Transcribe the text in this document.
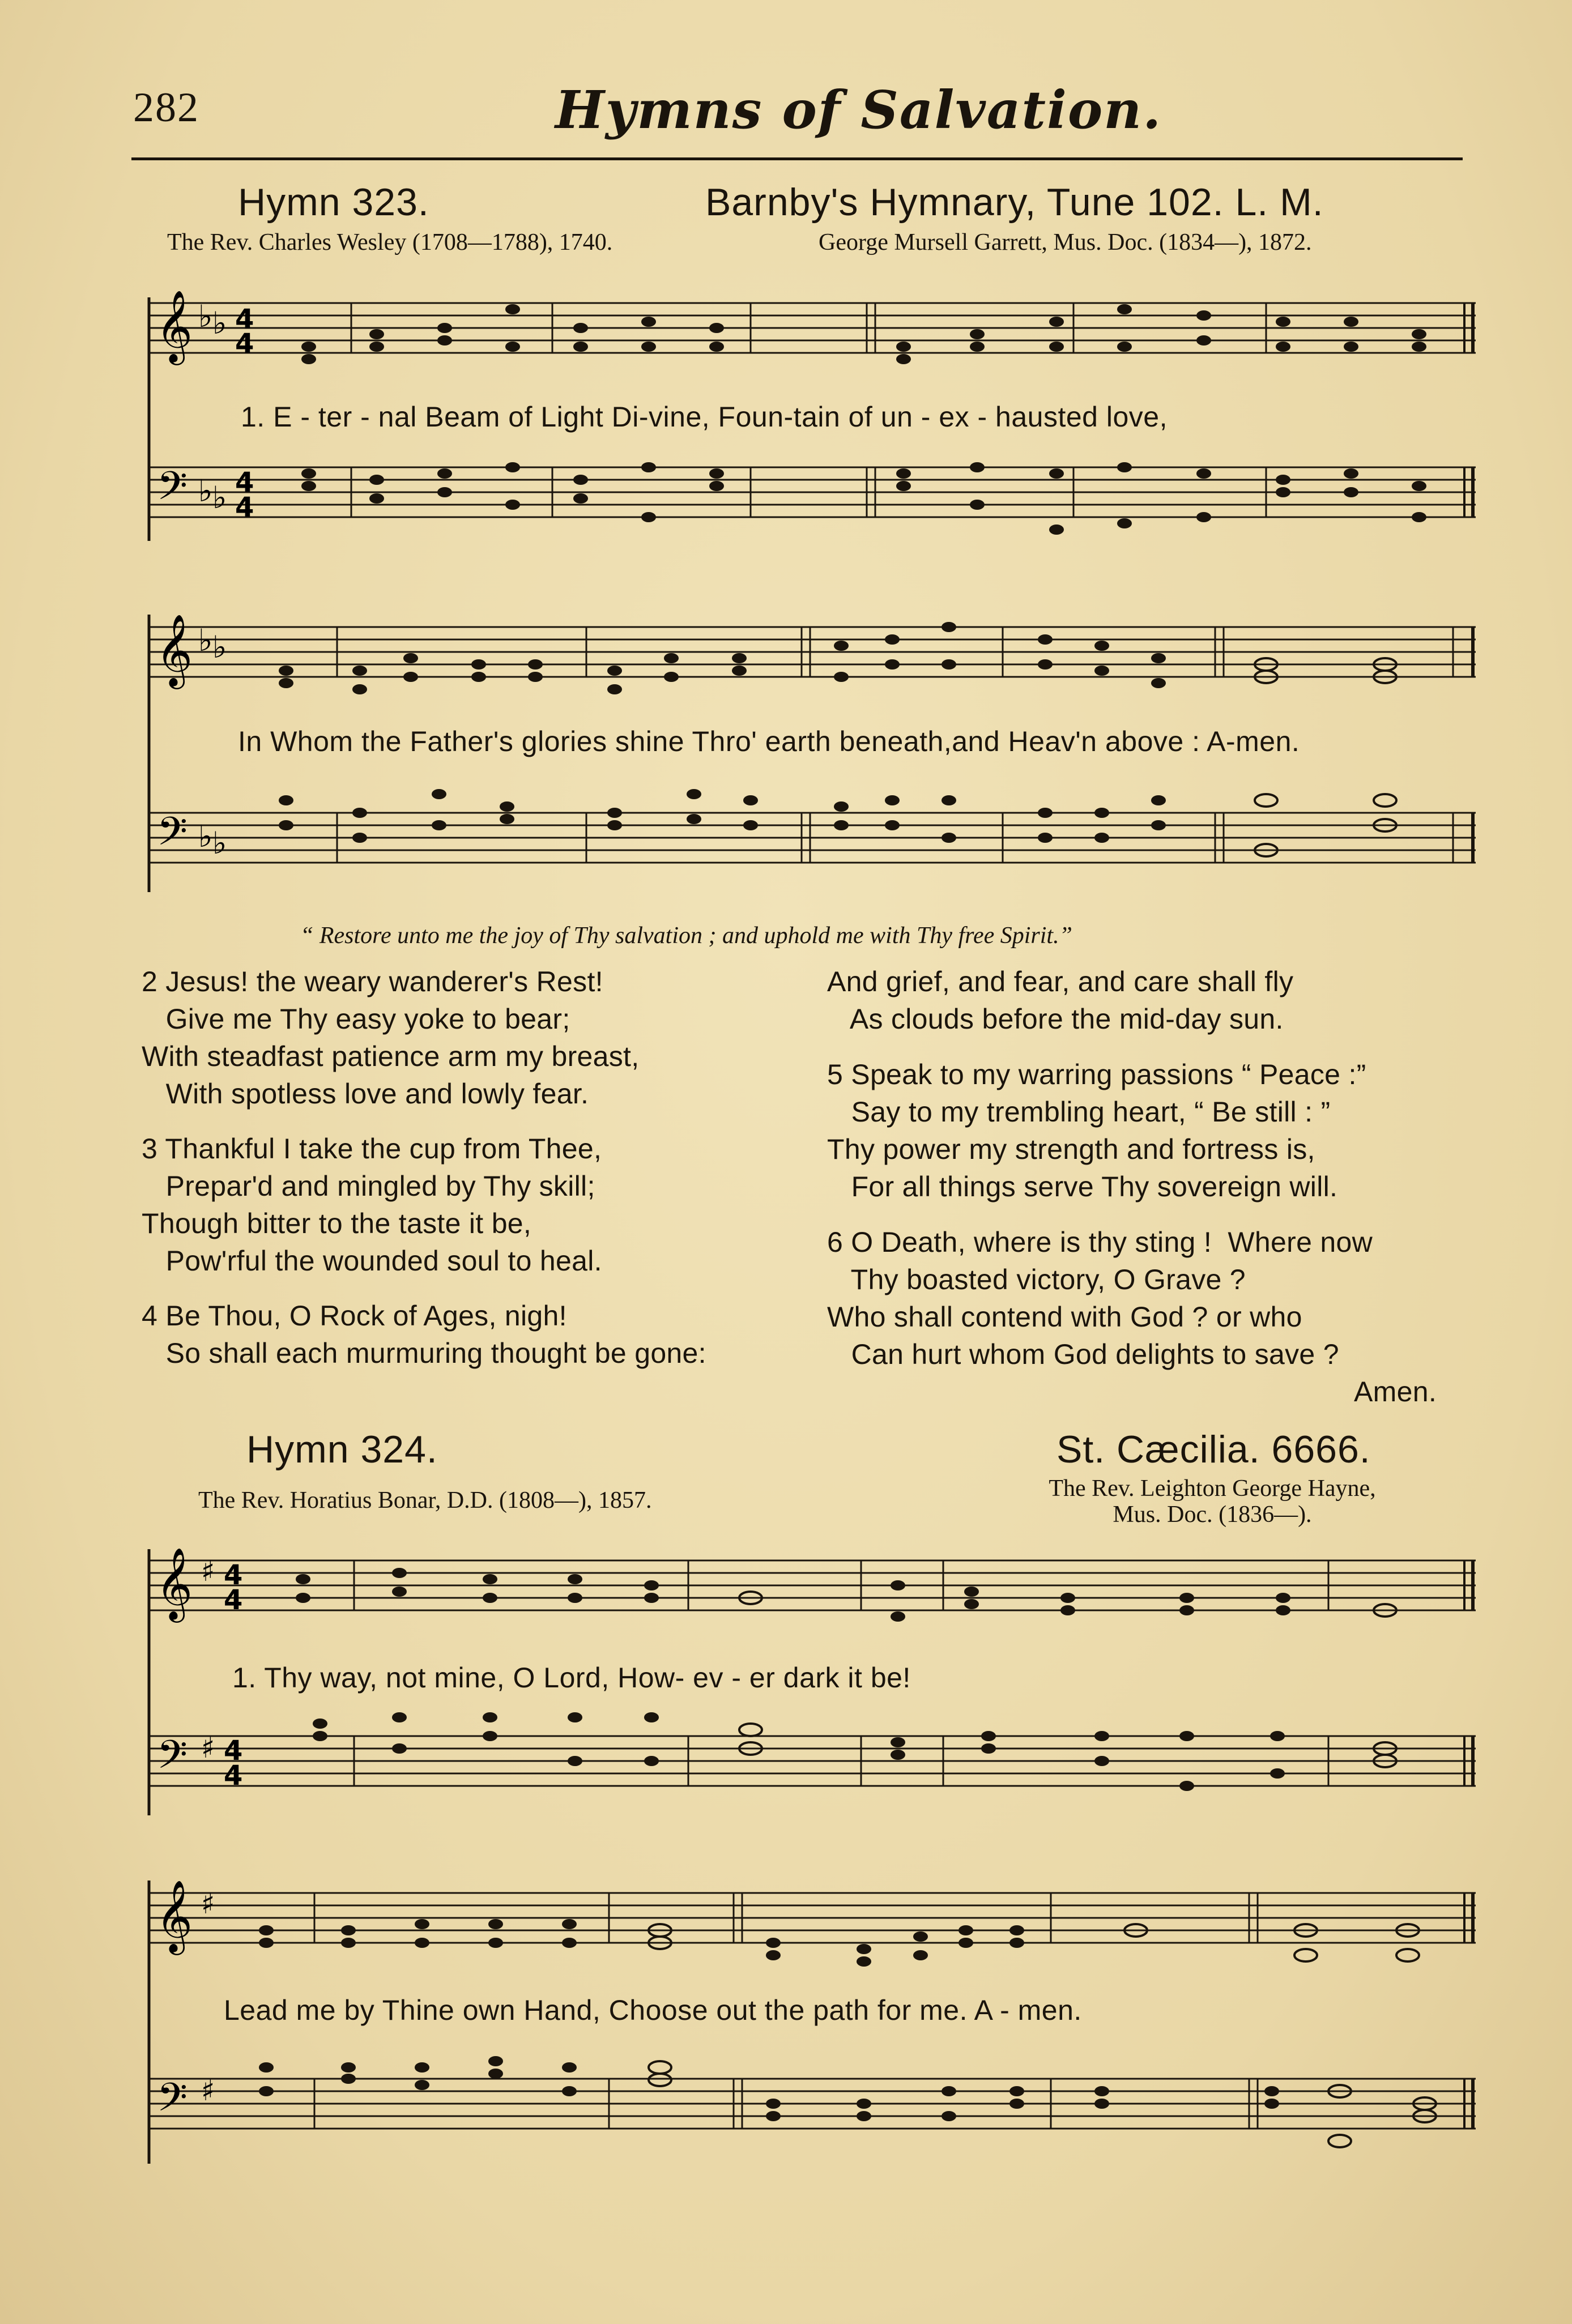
282	Hymns of Salvation.
Hymn 323.	Barnby's Hymnary, Tune 102. L. M.
The Rev. Charles Wesley (1708—1788), 1740.	George Mursell Garrett, Mus. Doc. (1834—), 1872.
𝄞
𝄢
♭ ♭
♭ ♭
4
4
4
4
1. E - ter - nal Beam of Light Di-vine, Foun-tain of un - ex - hausted love,
𝄞
𝄢
♭ ♭
♭ ♭
In Whom the Father's glories shine Thro' earth beneath,and Heav'n above : A-men.
“ Restore unto me the joy of Thy salvation ; and uphold me with Thy free Spirit.”
2 Jesus! the weary wanderer's Rest!
Give me Thy easy yoke to bear;
With steadfast patience arm my breast,
With spotless love and lowly fear.
3 Thankful I take the cup from Thee,
Prepar'd and mingled by Thy skill;
Though bitter to the taste it be,
Pow'rful the wounded soul to heal.
4 Be Thou, O Rock of Ages, nigh!
So shall each murmuring thought be gone:
And grief, and fear, and care shall fly
As clouds before the mid-day sun.
5 Speak to my warring passions “ Peace :”
Say to my trembling heart, “ Be still : ”
Thy power my strength and fortress is,
For all things serve Thy sovereign will.
6 O Death, where is thy sting !  Where now
Thy boasted victory, O Grave ?
Who shall contend with God ? or who
Can hurt whom God delights to save ?
Amen.
Hymn 324.	St. Cæcilia. 6666.
The Rev. Horatius Bonar, D.D. (1808—), 1857.	The Rev. Leighton George Hayne,
Mus. Doc. (1836—).
𝄞
𝄢
♯
♯
4
4
4
4
1. Thy way, not mine, O Lord, How- ev - er dark it be!
𝄞
𝄢
♯
♯
Lead me by Thine own Hand, Choose out the path for me. A - men.
